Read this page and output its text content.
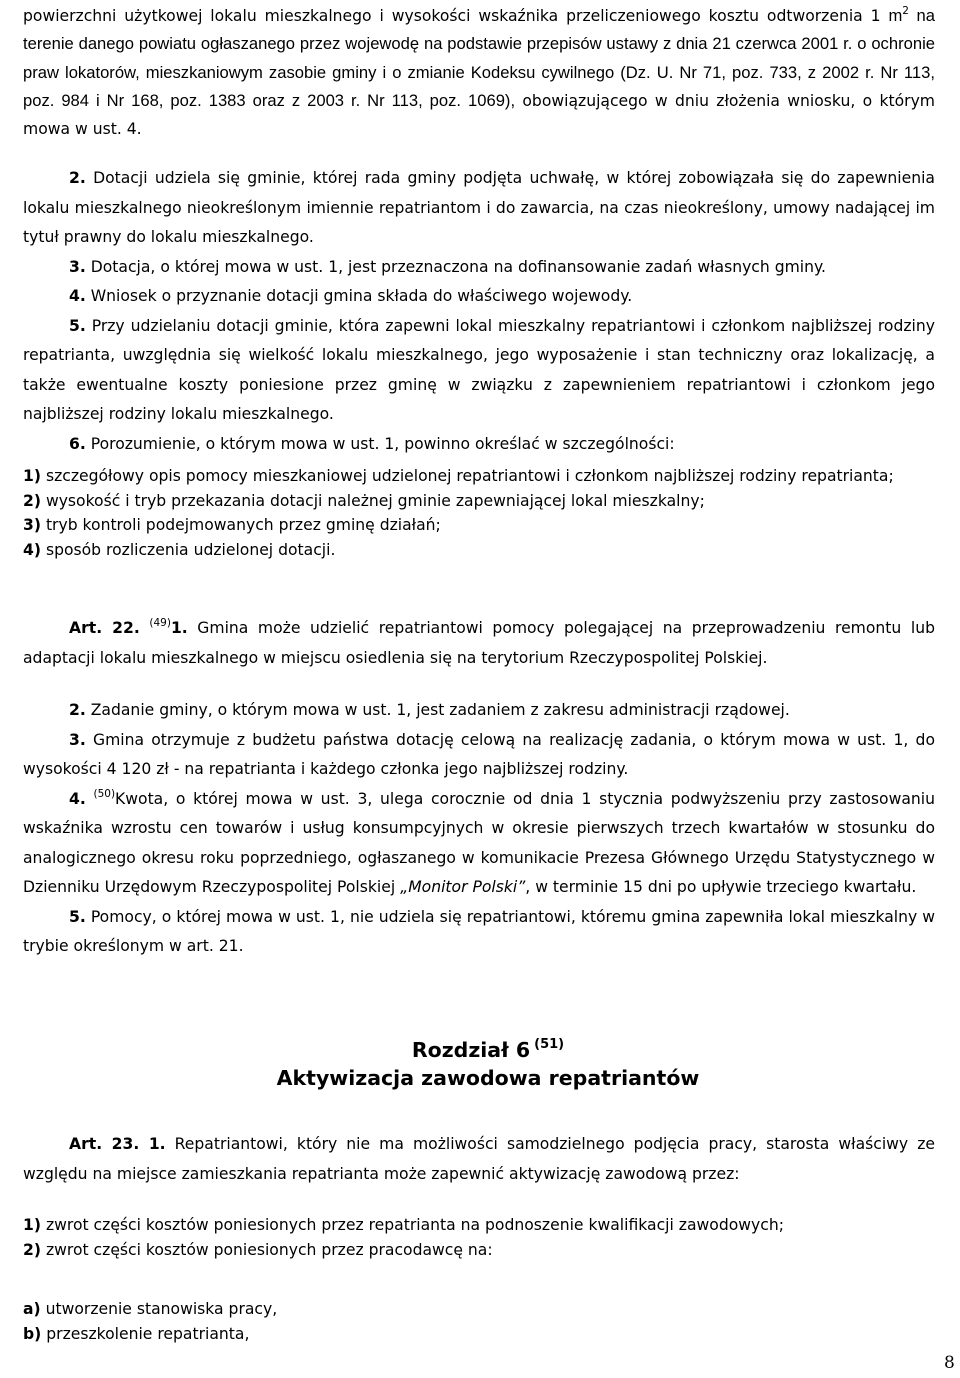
powierzchni użytkowej lokalu mieszkalnego i wysokości wskaźnika przeliczeniowego kosztu odtworzenia 1 m$^2$ na terenie danego powiatu ogłaszanego przez wojewodę na podstawie przepisów ustawy z dnia 21 czerwca 2001 r. o ochronie praw lokatorów, mieszkaniowym zasobie gminy i o zmianie Kodeksu cywilnego (Dz. U. Nr 71, poz. 733, z 2002 r. Nr 113, poz. 984 i Nr 168, poz. 1383 oraz z 2003 r. Nr 113, poz. 1069), obowiązującego w dniu złożenia wniosku, o którym mowa w ust. 4.

2. Dotacji udziela się gminie, której rada gminy podjęta uchwałę, w której zobowiązała się do zapewnienia lokalu mieszkalnego nieokreślonym imiennie repatriantom i do zawarcia, na czas nieokreślony, umowy nadającej im tytuł prawny do lokalu mieszkalnego.

3. Dotacja, o której mowa w ust. 1, jest przeznaczona na dofinansowanie zadań własnych gminy.

4. Wniosek o przyznanie dotacji gmina składa do właściwego wojewody.

5. Przy udzielaniu dotacji gminie, która zapewni lokal mieszkalny repatriantowi i członkom najbliższej rodziny repatrianta, uwzględnia się wielkość lokalu mieszkalnego, jego wyposażenie i stan techniczny oraz lokalizację, a także ewentualne koszty poniesione przez gminę w związku z zapewnieniem repatriantowi i członkom jego najbliższej rodziny lokalu mieszkalnego.

6. Porozumienie, o którym mowa w ust. 1, powinno określać w szczególności:

1) szczegółowy opis pomocy mieszkaniowej udzielonej repatriantowi i członkom najbliższej rodziny repatrianta;

2) wysokość i tryb przekazania dotacji należnej gminie zapewniającej lokal mieszkalny;

3) tryb kontroli podejmowanych przez gminę działań;

4) sposób rozliczenia udzielonej dotacji.

Art. 22. $^{(49)}$1. Gmina może udzielić repatriantowi pomocy polegającej na przeprowadzeniu remontu lub adaptacji lokalu mieszkalnego w miejscu osiedlenia się na terytorium Rzeczypospolitej Polskiej.

2. Zadanie gminy, o którym mowa w ust. 1, jest zadaniem z zakresu administracji rządowej.

3. Gmina otrzymuje z budżetu państwa dotację celową na realizację zadania, o którym mowa w ust. 1, do wysokości 4 120 zł - na repatrianta i każdego członka jego najbliższej rodziny.

4. $^{(50)}$Kwota, o której mowa w ust. 3, ulega corocznie od dnia 1 stycznia podwyższeniu przy zastosowaniu wskaźnika wzrostu cen towarów i usług konsumpcyjnych w okresie pierwszych trzech kwartałów w stosunku do analogicznego okresu roku poprzedniego, ogłaszanego w komunikacie Prezesa Głównego Urzędu Statystycznego w Dzienniku Urzędowym Rzeczypospolitej Polskiej „Monitor Polski”, w terminie 15 dni po upływie trzeciego kwartału.

5. Pomocy, o której mowa w ust. 1, nie udziela się repatriantowi, któremu gmina zapewniła lokal mieszkalny w trybie określonym w art. 21.

Rozdział 6 $^{(51)}$

Aktywizacja zawodowa repatriantów

Art. 23. 1. Repatriantowi, który nie ma możliwości samodzielnego podjęcia pracy, starosta właściwy ze względu na miejsce zamieszkania repatrianta może zapewnić aktywizację zawodową przez:

1) zwrot części kosztów poniesionych przez repatrianta na podnoszenie kwalifikacji zawodowych;

2) zwrot części kosztów poniesionych przez pracodawcę na:

a) utworzenie stanowiska pracy,

b) przeszkolenie repatrianta,

8
